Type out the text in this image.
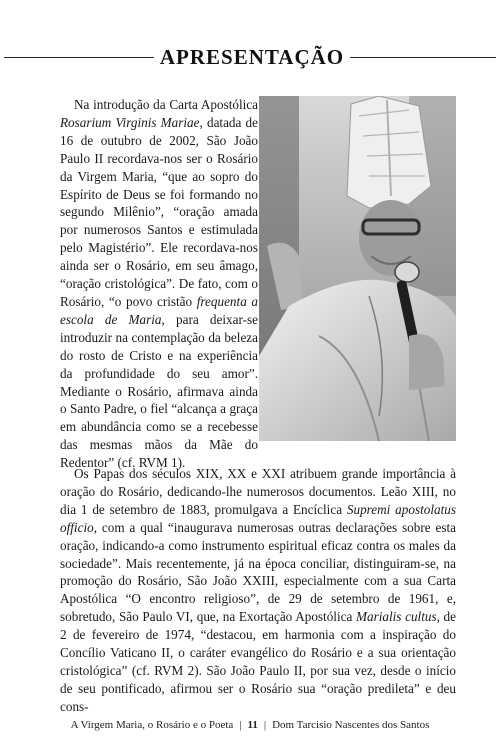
APRESENTAÇÃO

Na introdução da Carta Apostólica Rosarium Virginis Mariae, datada de 16 de outubro de 2002, São João Paulo II recordava-nos ser o Rosário da Virgem Maria, “que ao sopro do Espírito de Deus se foi formando no segundo Milênio”, “oração amada por numerosos Santos e estimulada pelo Magistério”. Ele recordava-nos ainda ser o Rosário, em seu âmago, “oração cristológica”. De fato, com o Rosário, “o povo cristão frequenta a escola de Maria, para deixar-se introduzir na contemplação da beleza do rosto de Cristo e na experiência da profundidade do seu amor”. Mediante o Rosário, afirmava ainda o Santo Padre, o fiel “alcança a graça em abundância como se a recebesse das mesmas mãos da Mãe do Redentor” (cf. RVM 1).

Os Papas dos séculos XIX, XX e XXI atribuem grande importância à oração do Rosário, dedicando-lhe numerosos documentos. Leão XIII, no dia 1 de setembro de 1883, promulgava a Encíclica Supremi apostolatus officio, com a qual “inaugurava numerosas outras declarações sobre esta oração, indicando-a como instrumento espiritual eficaz contra os males da sociedade”. Mais recentemente, já na época conciliar, distinguiram-se, na promoção do Rosário, São João XXIII, especialmente com a sua Carta Apostólica “O encontro religioso”, de 29 de setembro de 1961, e, sobretudo, São Paulo VI, que, na Exortação Apostólica Marialis cultus, de 2 de fevereiro de 1974, “destacou, em harmonia com a inspiração do Concílio Vaticano II, o caráter evangélico do Rosário e a sua orientação cristológica” (cf. RVM 2). São João Paulo II, por sua vez, desde o início de seu pontificado, afirmou ser o Rosário sua “oração predileta” e deu cons-

A Virgem Maria, o Rosário e o Poeta | 11 | Dom Tarcisio Nascentes dos Santos
